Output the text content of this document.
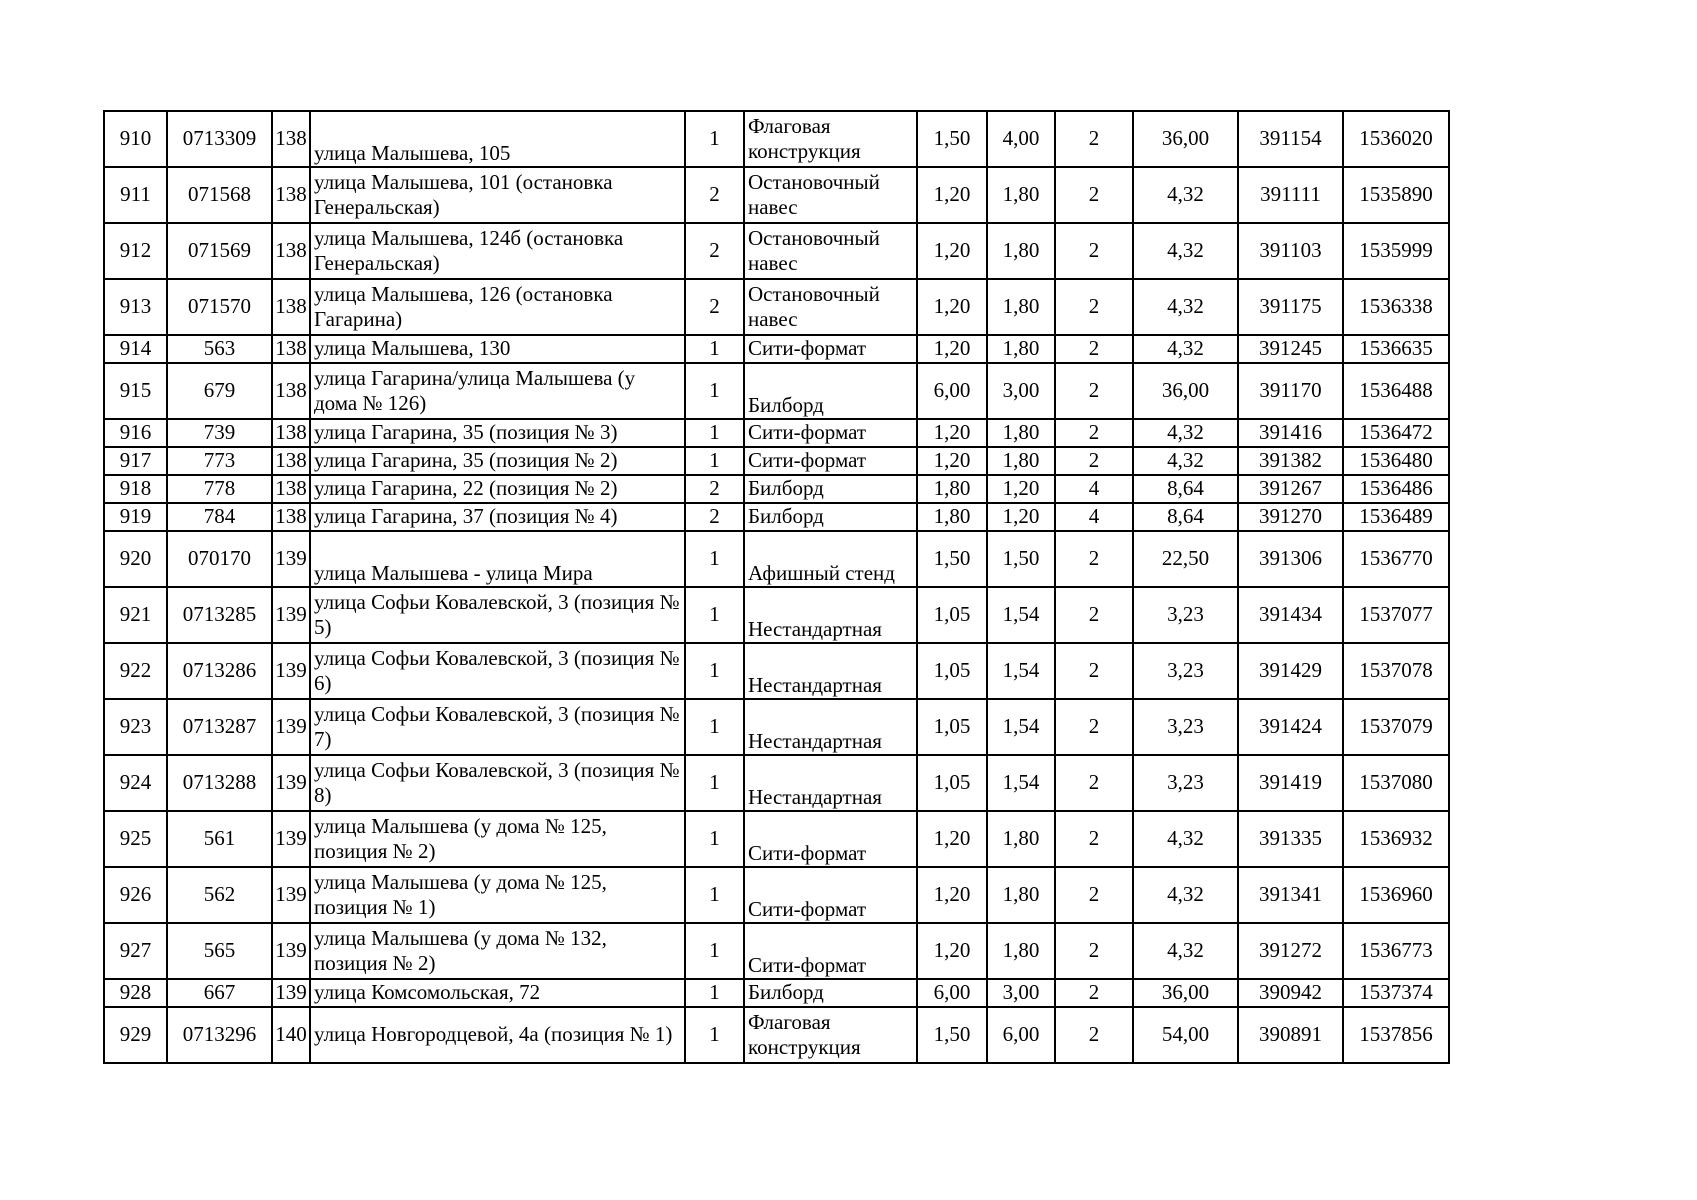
910	0713309	138	улица Малышева, 105	1	Флаговая конструкция	1,50	4,00	2	36,00	391154	1536020
911	071568	138	улица Малышева, 101 (остановка Генеральская)	2	Остановочный навес	1,20	1,80	2	4,32	391111	1535890
912	071569	138	улица Малышева, 124б (остановка Генеральская)	2	Остановочный навес	1,20	1,80	2	4,32	391103	1535999
913	071570	138	улица Малышева, 126 (остановка Гагарина)	2	Остановочный навес	1,20	1,80	2	4,32	391175	1536338
914	563	138	улица Малышева, 130	1	Сити-формат	1,20	1,80	2	4,32	391245	1536635
915	679	138	улица Гагарина/улица Малышева (у дома № 126)	1	Билборд	6,00	3,00	2	36,00	391170	1536488
916	739	138	улица Гагарина, 35 (позиция № 3)	1	Сити-формат	1,20	1,80	2	4,32	391416	1536472
917	773	138	улица Гагарина, 35 (позиция № 2)	1	Сити-формат	1,20	1,80	2	4,32	391382	1536480
918	778	138	улица Гагарина, 22 (позиция № 2)	2	Билборд	1,80	1,20	4	8,64	391267	1536486
919	784	138	улица Гагарина, 37 (позиция № 4)	2	Билборд	1,80	1,20	4	8,64	391270	1536489
920	070170	139	улица Малышева - улица Мира	1	Афишный стенд	1,50	1,50	2	22,50	391306	1536770
921	0713285	139	улица Софьи Ковалевской, 3 (позиция № 5)	1	Нестандартная	1,05	1,54	2	3,23	391434	1537077
922	0713286	139	улица Софьи Ковалевской, 3 (позиция № 6)	1	Нестандартная	1,05	1,54	2	3,23	391429	1537078
923	0713287	139	улица Софьи Ковалевской, 3 (позиция № 7)	1	Нестандартная	1,05	1,54	2	3,23	391424	1537079
924	0713288	139	улица Софьи Ковалевской, 3 (позиция № 8)	1	Нестандартная	1,05	1,54	2	3,23	391419	1537080
925	561	139	улица Малышева (у дома № 125, позиция № 2)	1	Сити-формат	1,20	1,80	2	4,32	391335	1536932
926	562	139	улица Малышева (у дома № 125, позиция № 1)	1	Сити-формат	1,20	1,80	2	4,32	391341	1536960
927	565	139	улица Малышева (у дома № 132, позиция № 2)	1	Сити-формат	1,20	1,80	2	4,32	391272	1536773
928	667	139	улица Комсомольская, 72	1	Билборд	6,00	3,00	2	36,00	390942	1537374
929	0713296	140	улица Новгородцевой, 4а (позиция № 1)	1	Флаговая конструкция	1,50	6,00	2	54,00	390891	1537856
